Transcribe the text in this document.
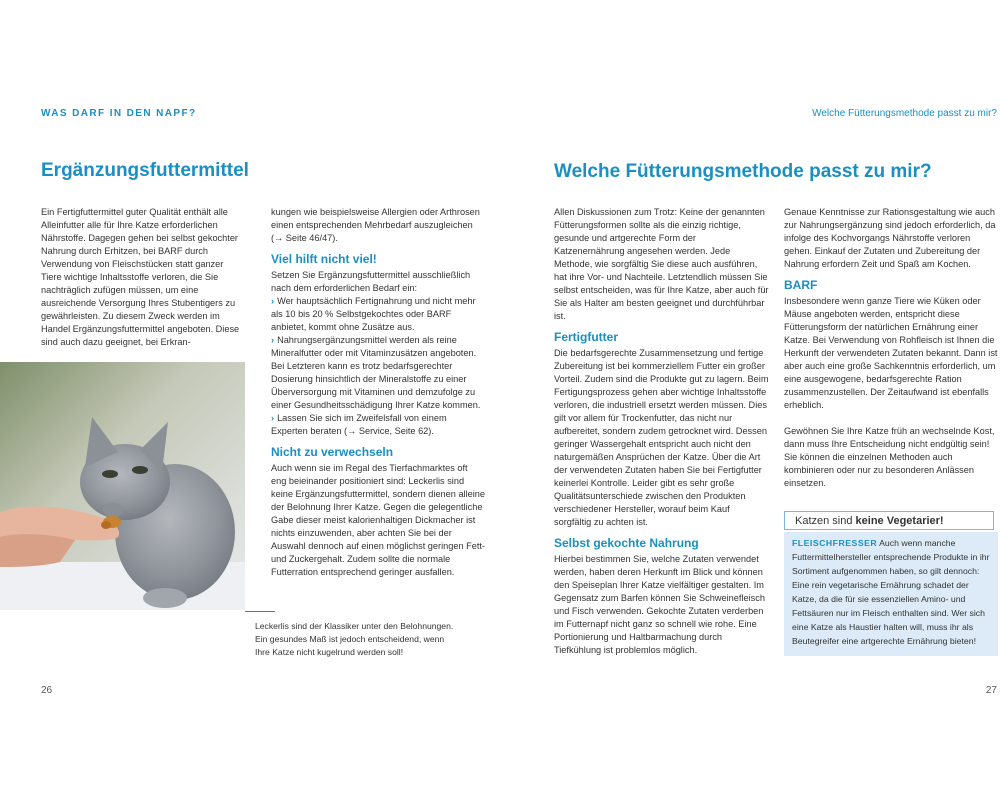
WAS DARF IN DEN NAPF?	Welche Fütterungsmethode passt zu mir?
Ergänzungsfuttermittel

Ein Fertigfuttermittel guter Qualität enthält alle Alleinfutter alle für Ihre Katze erforderlichen Nährstoffe. Dagegen gehen bei selbst gekochter Nahrung durch Erhitzen, bei BARF durch Verwendung von Fleischstücken statt ganzer Tiere wichtige Inhaltsstoffe verloren, die Sie nachträglich zufügen müssen, um eine ausreichende Versorgung Ihres Stubentigers zu gewährleisten. Zu diesem Zweck werden im Handel Ergänzungsfuttermittel angeboten. Diese sind auch dazu geeignet, bei Erkran-

kungen wie beispielsweise Allergien oder Arthrosen einen entsprechenden Mehrbedarf auszugleichen (→ Seite 46/47).

Viel hilft nicht viel!

Setzen Sie Ergänzungsfuttermittel ausschließlich nach dem erforderlichen Bedarf ein:

› Wer hauptsächlich Fertignahrung und nicht mehr als 10 bis 20 % Selbstgekochtes oder BARF anbietet, kommt ohne Zusätze aus.

› Nahrungsergänzungsmittel werden als reine Mineralfutter oder mit Vitaminzusätzen angeboten. Bei Letzteren kann es trotz bedarfsgerechter Dosierung hinsichtlich der Mineralstoffe zu einer Überversorgung mit Vitaminen und demzufolge zu einer Gesundheitsschädigung Ihrer Katze kommen.

› Lassen Sie sich im Zweifelsfall von einem Experten beraten (→ Service, Seite 62).

Nicht zu verwechseln

Auch wenn sie im Regal des Tierfachmarktes oft eng beieinander positioniert sind: Leckerlis sind keine Ergänzungsfuttermittel, sondern dienen alleine der Belohnung Ihrer Katze. Gegen die gelegentliche Gabe dieser meist kalorienhaltigen Dickmacher ist nichts einzuwenden, aber achten Sie bei der Auswahl dennoch auf einen möglichst geringen Fett- und Zuckergehalt. Zudem sollte die normale Futterration entsprechend geringer ausfallen.

Leckerlis sind der Klassiker unter den Belohnungen. Ein gesundes Maß ist jedoch entscheidend, wenn Ihre Katze nicht kugelrund werden soll!
26
Welche Fütterungsmethode passt zu mir?

Allen Diskussionen zum Trotz: Keine der genannten Fütterungsformen sollte als die einzig richtige, gesunde und artgerechte Form der Katzenernährung angesehen werden. Jede Methode, wie sorgfältig Sie diese auch ausführen, hat ihre Vor- und Nachteile. Letztendlich müssen Sie selbst entscheiden, was für Ihre Katze, aber auch für Sie als Halter am besten geeignet und durchführbar ist.

Fertigfutter

Die bedarfsgerechte Zusammensetzung und fertige Zubereitung ist bei kommerziellem Futter ein großer Vorteil. Zudem sind die Produkte gut zu lagern. Beim Fertigungsprozess gehen aber wichtige Inhaltsstoffe verloren, die industriell ersetzt werden müssen. Dies gilt vor allem für Trockenfutter, das nicht nur aufbereitet, sondern zudem getrocknet wird. Dessen geringer Wassergehalt entspricht auch nicht den naturgemäßen Ansprüchen der Katze. Über die Art der verwendeten Zutaten haben Sie bei Fertigfutter keinerlei Kontrolle. Leider gibt es sehr große Qualitätsunterschiede zwischen den Produkten verschiedener Hersteller, worauf beim Kauf sorgfältig zu achten ist.

Selbst gekochte Nahrung

Hierbei bestimmen Sie, welche Zutaten verwendet werden, haben deren Herkunft im Blick und können den Speiseplan Ihrer Katze vielfältiger gestalten. Im Gegensatz zum Barfen können Sie Schweinefleisch und Fisch verwenden. Gekochte Zutaten verderben im Futternapf nicht ganz so schnell wie rohe. Eine Portionierung und Haltbarmachung durch Tiefkühlung ist problemlos möglich.

Genaue Kenntnisse zur Rationsgestaltung wie auch zur Nahrungsergänzung sind jedoch erforderlich, da infolge des Kochvorgangs Nährstoffe verloren gehen. Einkauf der Zutaten und Zubereitung der Nahrung erfordern Zeit und Spaß am Kochen.

BARF

Insbesondere wenn ganze Tiere wie Küken oder Mäuse angeboten werden, entspricht diese Fütterungsform der natürlichen Ernährung einer Katze. Bei Verwendung von Rohfleisch ist Ihnen die Herkunft der verwendeten Zutaten bekannt. Dann ist aber auch eine große Sachkenntnis erforderlich, um eine ausgewogene, bedarfsgerechte Ration zusammenzustellen. Der Zeitaufwand ist ebenfalls erheblich.

Gewöhnen Sie Ihre Katze früh an wechselnde Kost, dann muss Ihre Entscheidung nicht endgültig sein! Sie können die einzelnen Methoden auch kombinieren oder nur zu besonderen Anlässen einsetzen.

Katzen sind keine Vegetarier!
FLEISCHFRESSER Auch wenn manche Futtermittelhersteller entsprechende Produkte in ihr Sortiment aufgenommen haben, so gilt dennoch: Eine rein vegetarische Ernährung schadet der Katze, da die für sie essenziellen Amino- und Fettsäuren nur im Fleisch enthalten sind. Wer sich eine Katze als Haustier halten will, muss ihr als Beutegreifer eine artgerechte Ernährung bieten!
27
